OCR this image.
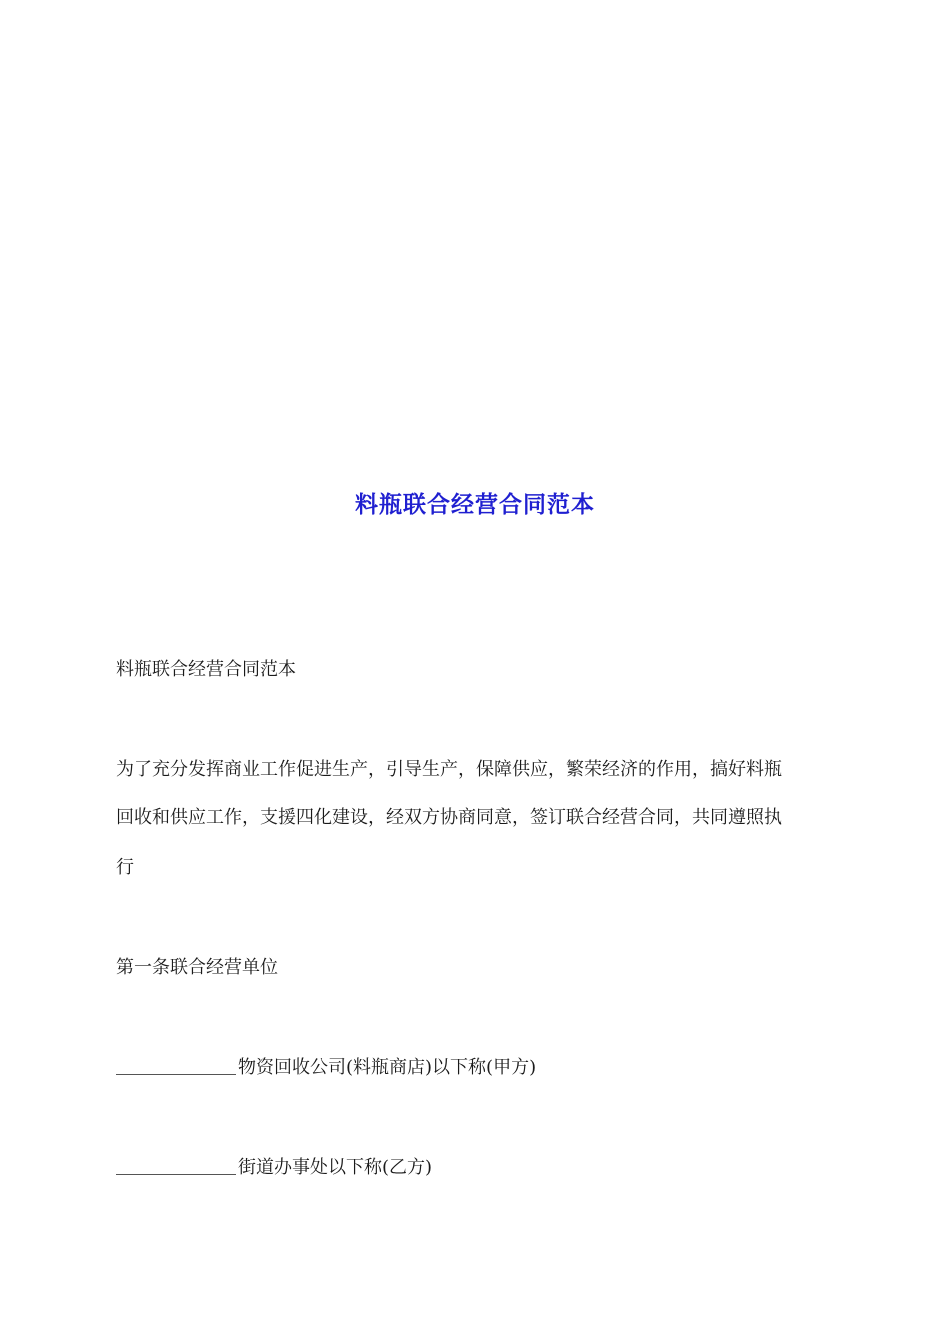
料瓶联合经营合同范本
料瓶联合经营合同范本
为了充分发挥商业工作促进生产，引导生产，保障供应，繁荣经济的作用，搞好料瓶
回收和供应工作，支援四化建设，经双方协商同意，签订联合经营合同，共同遵照执
行
第一条联合经营单位
物资回收公司(料瓶商店)以下称(甲方)
街道办事处以下称(乙方)
